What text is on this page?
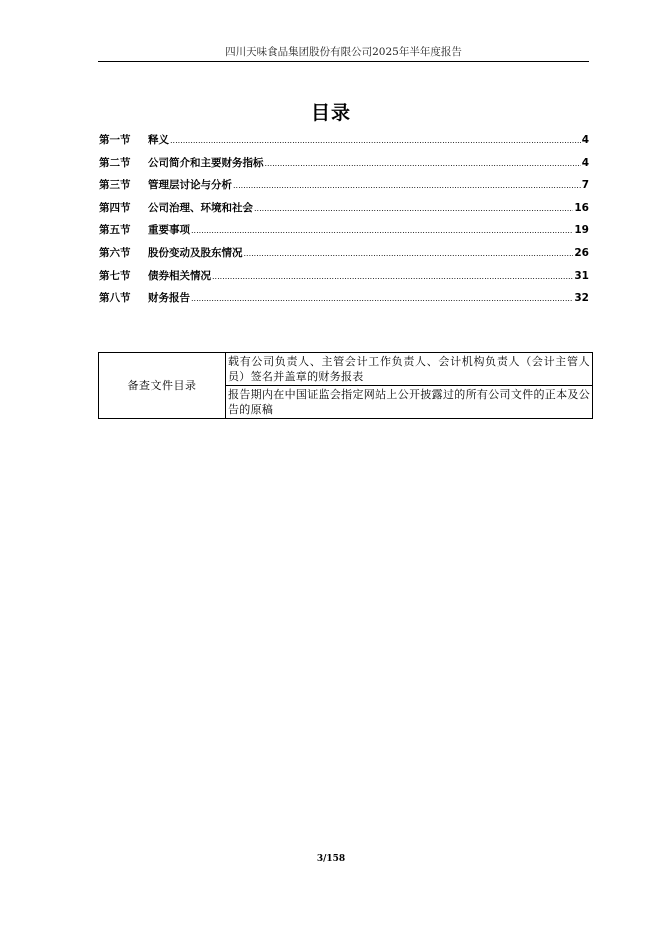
四川天味食品集团股份有限公司2025年半年度报告
目录
第一节	释义 .....	4
第二节	公司简介和主要财务指标 .....	4
第三节	管理层讨论与分析 .....	7
第四节	公司治理、环境和社会 .....	16
第五节	重要事项 .....	19
第六节	股份变动及股东情况 .....	26
第七节	债券相关情况 .....	31
第八节	财务报告 .....	32
备查文件目录	载有公司负责人、主管会计工作负责人、会计机构负责人（会计主管人员）签名并盖章的财务报表
报告期内在中国证监会指定网站上公开披露过的所有公司文件的正本及公告的原稿
3/158
